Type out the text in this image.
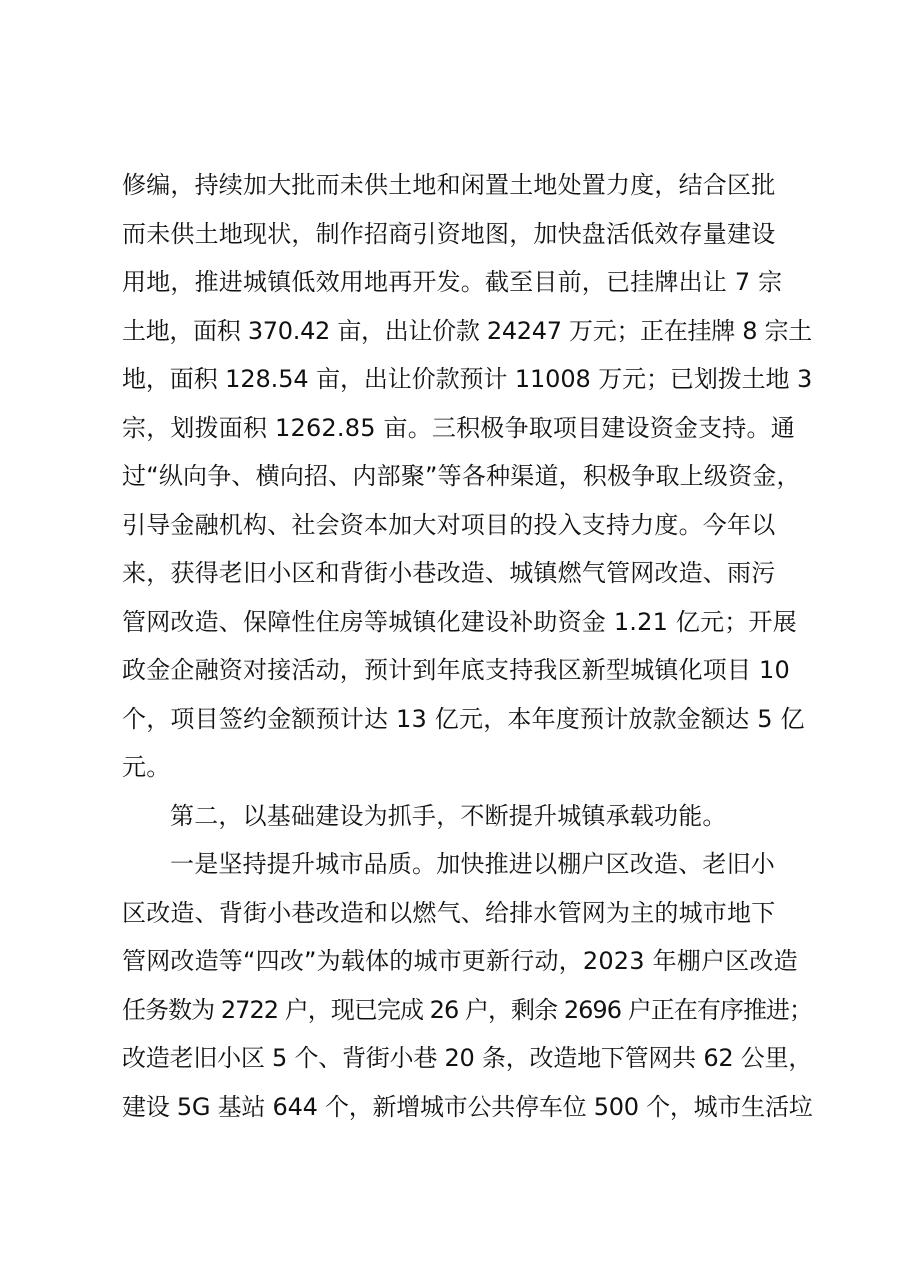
修编，持续加大批而未供土地和闲置土地处置力度，结合区批
而未供土地现状，制作招商引资地图，加快盘活低效存量建设
用地，推进城镇低效用地再开发。截至目前，已挂牌出让 7 宗
土地，面积 370.42 亩，出让价款 24247 万元；正在挂牌 8 宗土
地，面积 128.54 亩，出让价款预计 11008 万元；已划拨土地 3
宗，划拨面积 1262.85 亩。三积极争取项目建设资金支持。通
过“纵向争、横向招、内部聚”等各种渠道，积极争取上级资金，
引导金融机构、社会资本加大对项目的投入支持力度。今年以
来，获得老旧小区和背街小巷改造、城镇燃气管网改造、雨污
管网改造、保障性住房等城镇化建设补助资金 1.21 亿元；开展
政金企融资对接活动，预计到年底支持我区新型城镇化项目 10
个，项目签约金额预计达 13 亿元，本年度预计放款金额达 5 亿
元。
第二，以基础建设为抓手，不断提升城镇承载功能。
一是坚持提升城市品质。加快推进以棚户区改造、老旧小
区改造、背街小巷改造和以燃气、给排水管网为主的城市地下
管网改造等“四改”为载体的城市更新行动，2023 年棚户区改造
任务数为 2722 户，现已完成 26 户，剩余 2696 户正在有序推进；
改造老旧小区 5 个、背街小巷 20 条，改造地下管网共 62 公里，
建设 5G 基站 644 个，新增城市公共停车位 500 个，城市生活垃
